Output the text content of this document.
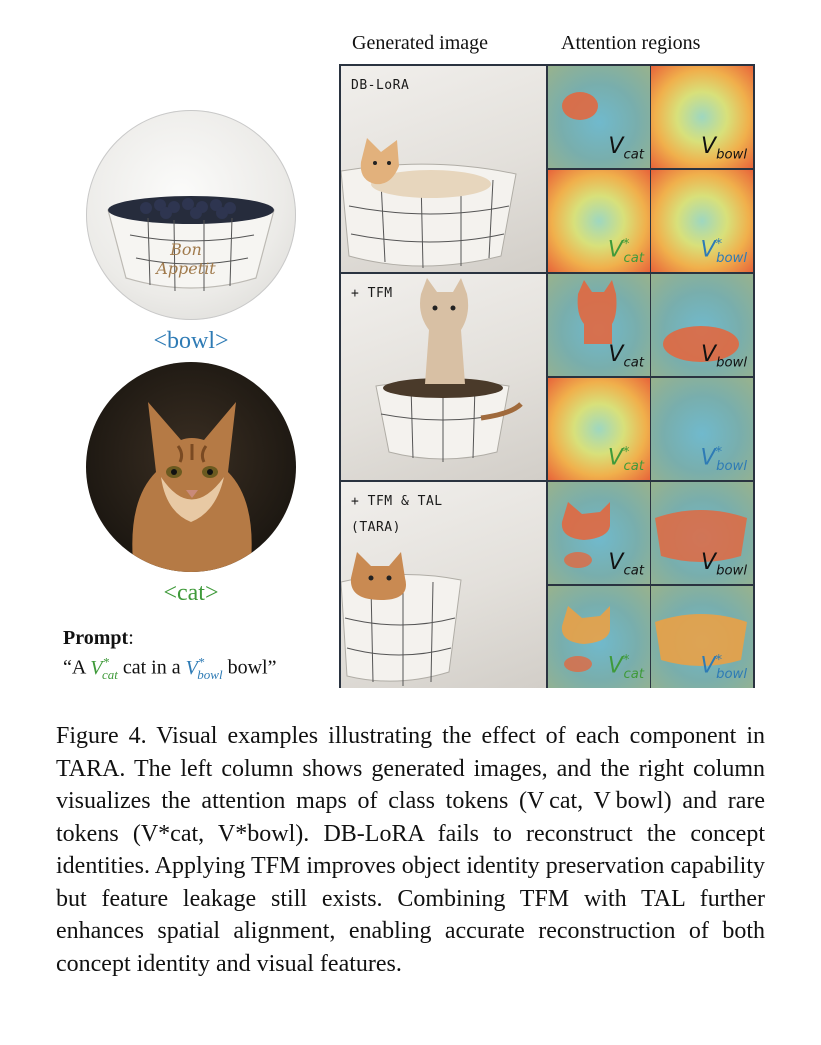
Generated image	Attention regions
Bon
Appetit
<bowl>
<cat>
Prompt:
“A $V^*_{cat}$ cat in a $V^*_{bowl}$ bowl”
DB-LoRA
$V_{cat}$	$V_{bowl}$
$V^*_{cat}$	$V^*_{bowl}$
+ TFM
$V_{cat}$	$V_{bowl}$
$V^*_{cat}$	$V^*_{bowl}$
+ TFM & TAL
(TARA)
$V_{cat}$	$V_{bowl}$
$V^*_{cat}$	$V^*_{bowl}$
Figure 4. Visual examples illustrating the effect of each component in TARA. The left column shows generated images, and the right column visualizes the attention maps of class tokens (V cat, V bowl) and rare tokens (V*cat, V*bowl). DB-LoRA fails to reconstruct the concept identities. Applying TFM improves object identity preservation capability but feature leakage still exists. Combining TFM with TAL further enhances spatial alignment, enabling accurate reconstruction of both concept identity and visual features.
